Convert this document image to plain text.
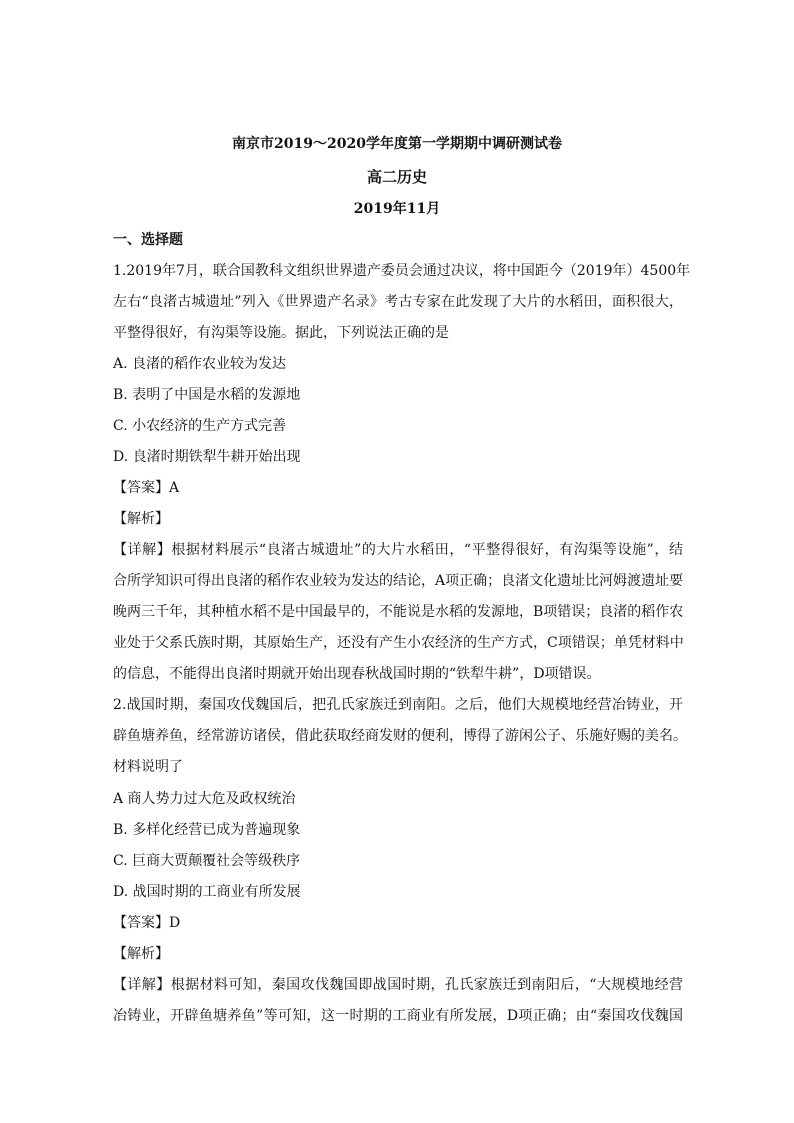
南京市2019～2020学年度第一学期期中调研测试卷
高二历史
2019年11月
一、选择题
1.2019年7月，联合国教科文组织世界遗产委员会通过决议，将中国距今（2019年）4500年
左右“良渚古城遗址”列入《世界遗产名录》考古专家在此发现了大片的水稻田，面积很大，
平整得很好，有沟渠等设施。据此，下列说法正确的是
A. 良渚的稻作农业较为发达
B. 表明了中国是水稻的发源地
C. 小农经济的生产方式完善
D. 良渚时期铁犁牛耕开始出现
【答案】A
【解析】
【详解】根据材料展示“良渚古城遗址”的大片水稻田，“平整得很好，有沟渠等设施”，结
合所学知识可得出良渚的稻作农业较为发达的结论，A项正确；良渚文化遗址比河姆渡遗址要
晚两三千年，其种植水稻不是中国最早的，不能说是水稻的发源地，B项错误；良渚的稻作农
业处于父系氏族时期，其原始生产，还没有产生小农经济的生产方式，C项错误；单凭材料中
的信息，不能得出良渚时期就开始出现春秋战国时期的“铁犁牛耕”，D项错误。
2.战国时期，秦国攻伐魏国后，把孔氏家族迁到南阳。之后，他们大规模地经营冶铸业，开
辟鱼塘养鱼，经常游访诸侯，借此获取经商发财的便利，博得了游闲公子、乐施好赐的美名。
材料说明了
A 商人势力过大危及政权统治
B. 多样化经营已成为普遍现象
C. 巨商大贾颠覆社会等级秩序
D. 战国时期的工商业有所发展
【答案】D
【解析】
【详解】根据材料可知，秦国攻伐魏国即战国时期，孔氏家族迁到南阳后，“大规模地经营
冶铸业，开辟鱼塘养鱼”等可知，这一时期的工商业有所发展，D项正确；由“秦国攻伐魏国
